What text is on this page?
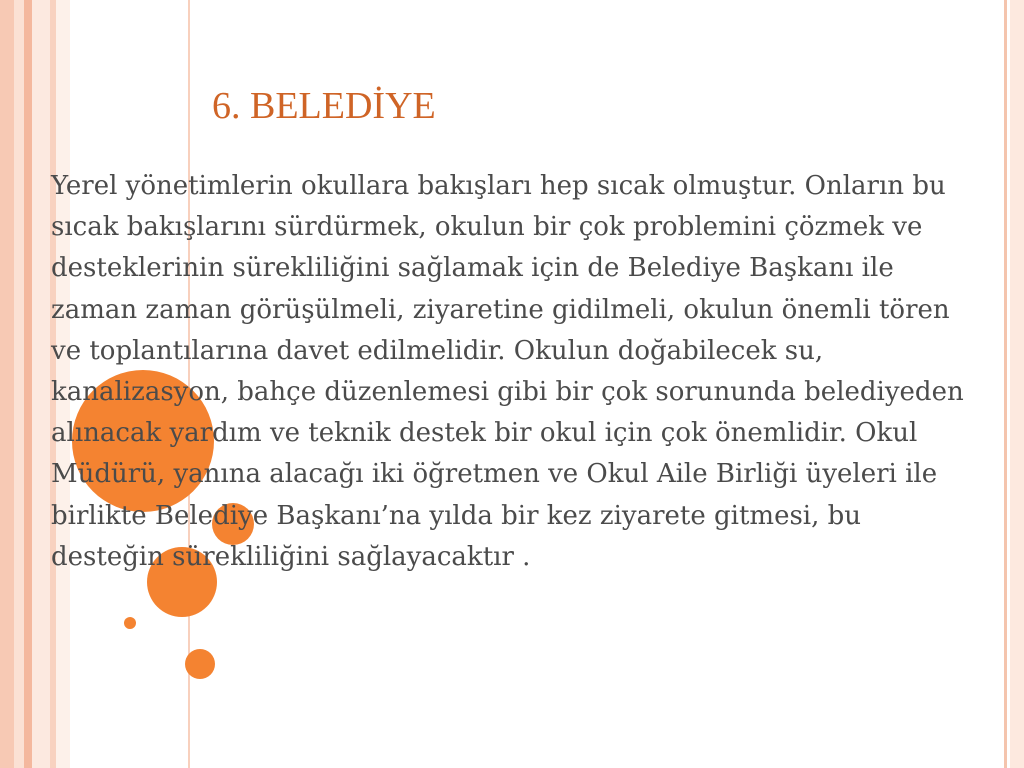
6. BELEDİYE

Yerel yönetimlerin okullara bakışları hep sıcak olmuştur. Onların bu sıcak bakışlarını sürdürmek, okulun bir çok problemini çözmek ve desteklerinin sürekliliğini sağlamak için de Belediye Başkanı ile zaman zaman görüşülmeli, ziyaretine gidilmeli, okulun önemli tören ve toplantılarına davet edilmelidir. Okulun doğabilecek su, kanalizasyon, bahçe düzenlemesi gibi bir çok sorununda belediyeden alınacak yardım ve teknik destek bir okul için çok önemlidir. Okul Müdürü, yanına alacağı iki öğretmen ve Okul Aile Birliği üyeleri ile birlikte Belediye Başkanı’na yılda bir kez ziyarete gitmesi, bu desteğin sürekliliğini sağlayacaktır .
